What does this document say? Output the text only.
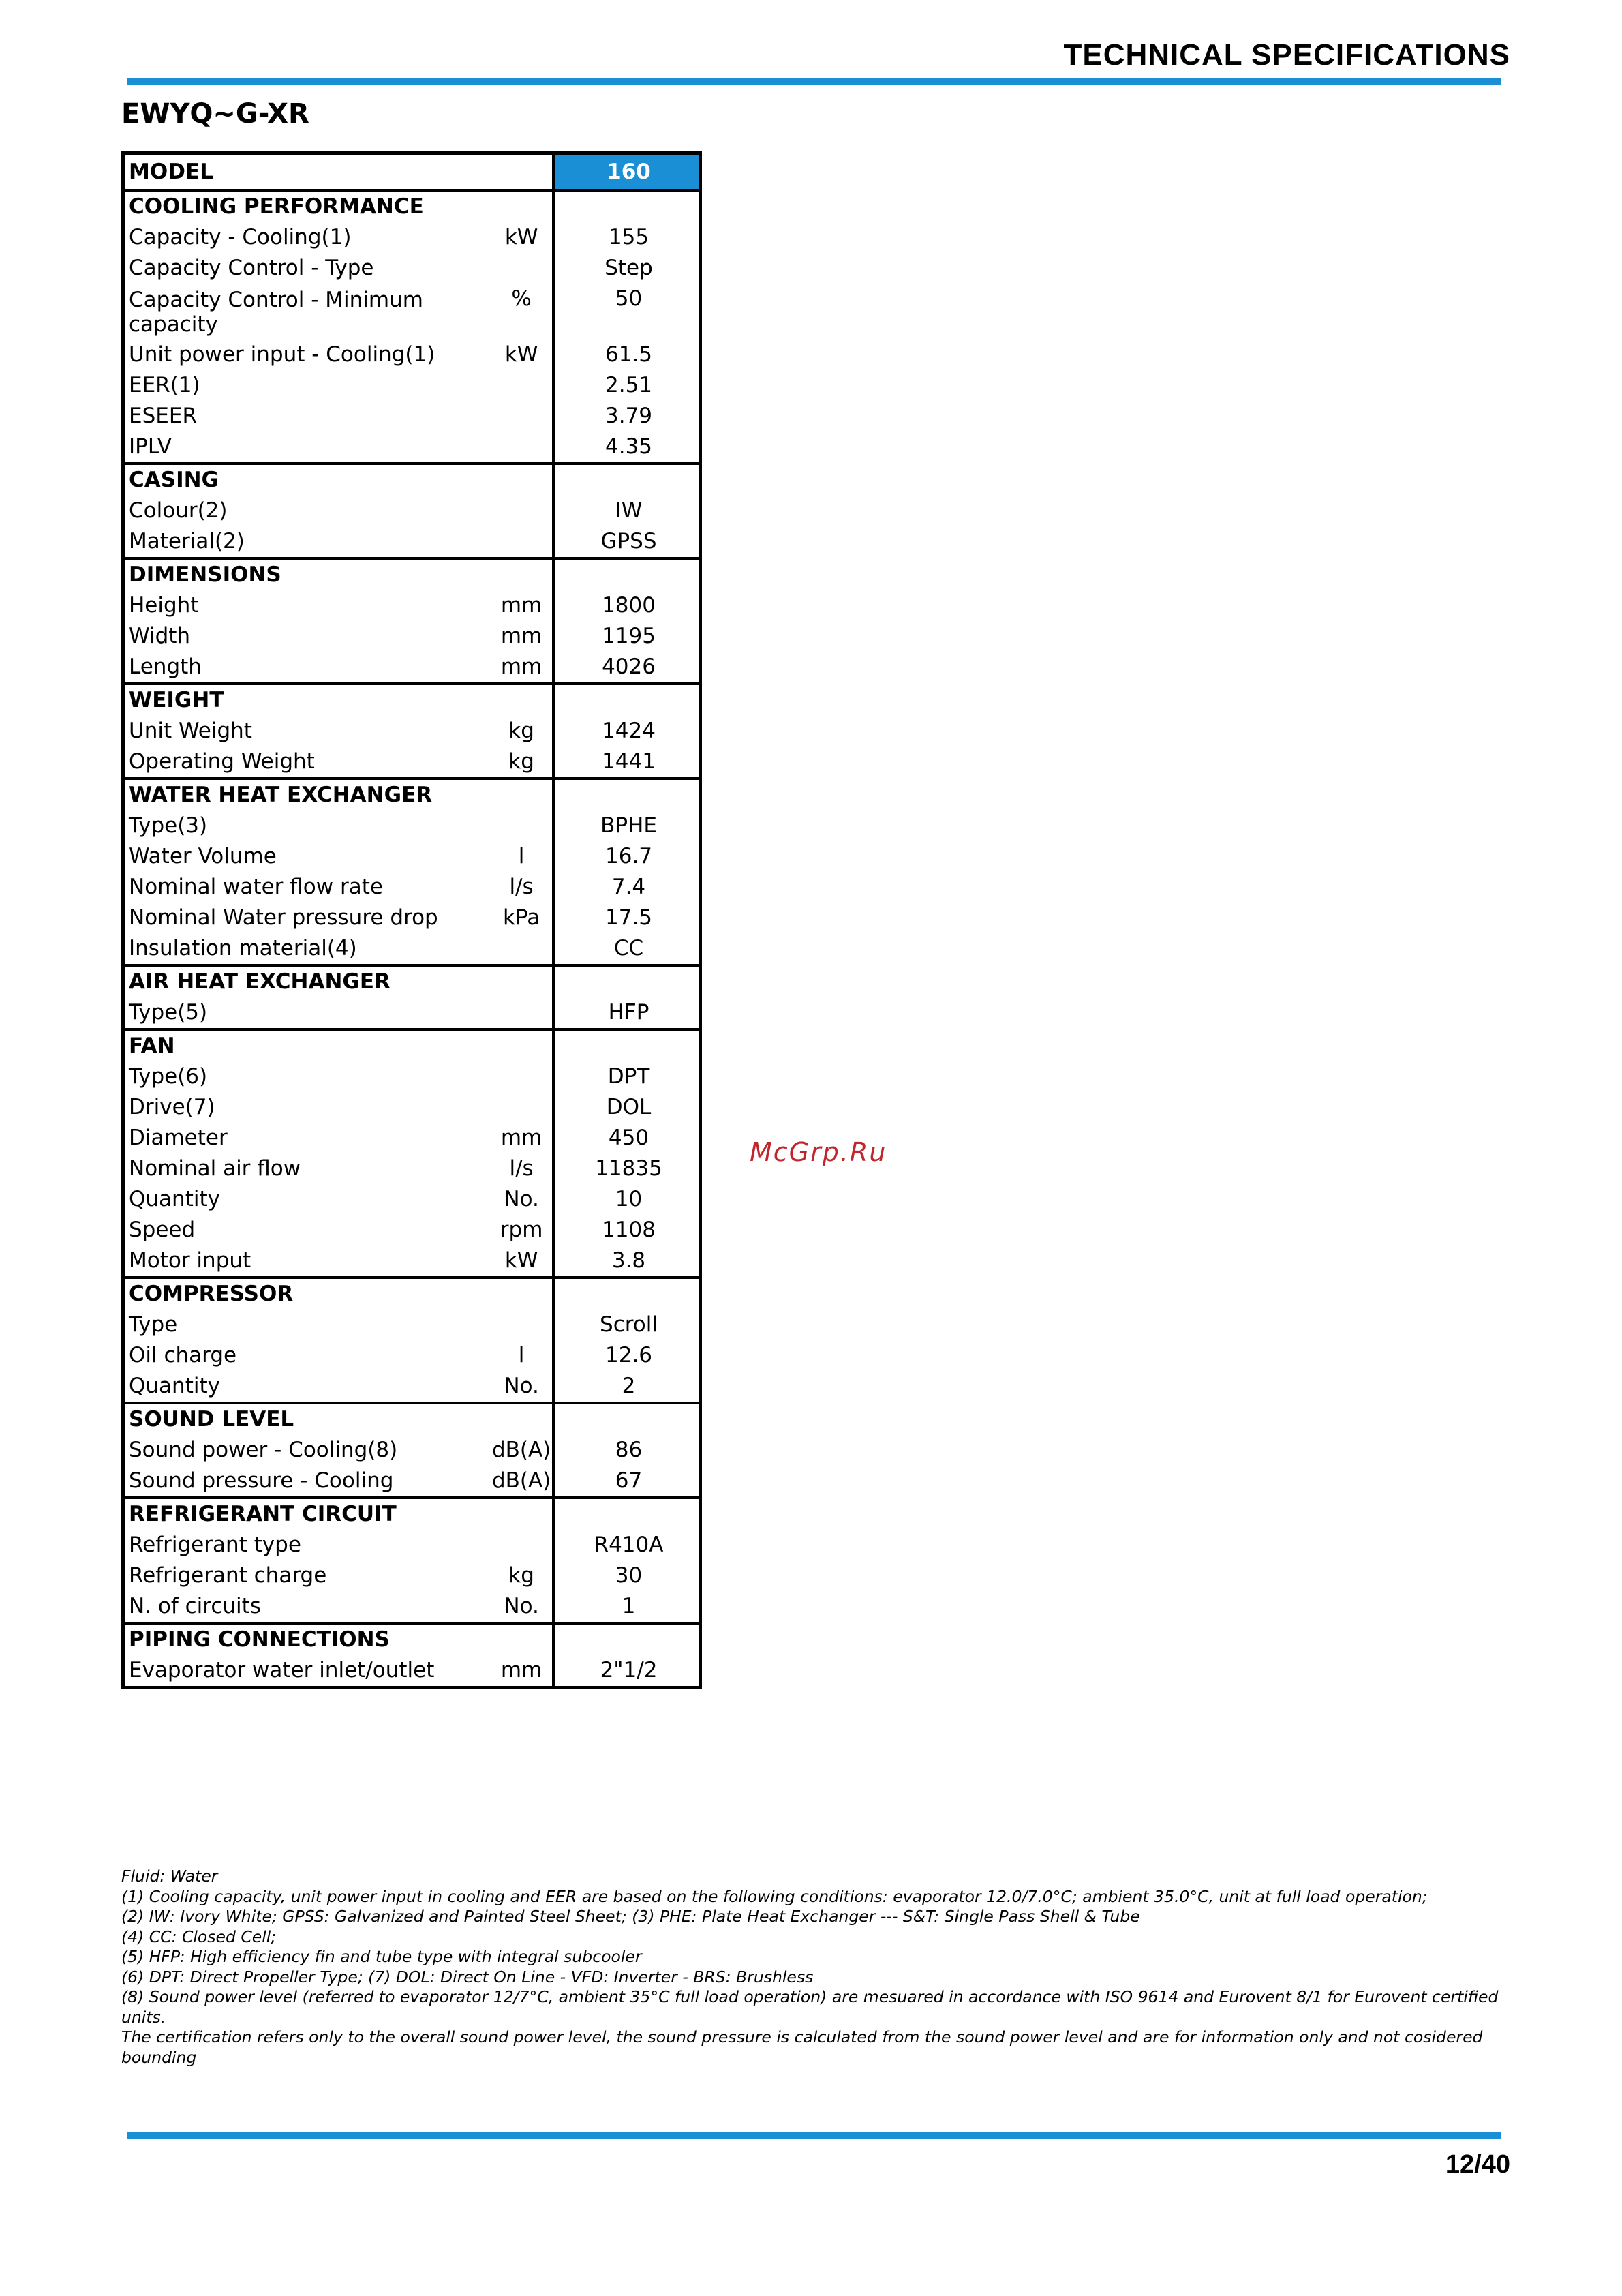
TECHNICAL SPECIFICATIONS
EWYQ~G-XR
MODEL		160
COOLING PERFORMANCE		
Capacity - Cooling(1)	kW	155
Capacity Control - Type		Step
Capacity Control - Minimum capacity	%	50
Unit power input - Cooling(1)	kW	61.5
EER(1)		2.51
ESEER		3.79
IPLV		4.35
CASING		
Colour(2)		IW
Material(2)		GPSS
DIMENSIONS		
Height	mm	1800
Width	mm	1195
Length	mm	4026
WEIGHT		
Unit Weight	kg	1424
Operating Weight	kg	1441
WATER HEAT EXCHANGER		
Type(3)		BPHE
Water Volume	l	16.7
Nominal water flow rate	l/s	7.4
Nominal Water pressure drop	kPa	17.5
Insulation material(4)		CC
AIR HEAT EXCHANGER		
Type(5)		HFP
FAN		
Type(6)		DPT
Drive(7)		DOL
Diameter	mm	450
Nominal air flow	l/s	11835
Quantity	No.	10
Speed	rpm	1108
Motor input	kW	3.8
COMPRESSOR		
Type		Scroll
Oil charge	l	12.6
Quantity	No.	2
SOUND LEVEL		
Sound power - Cooling(8)	dB(A)	86
Sound pressure - Cooling	dB(A)	67
REFRIGERANT CIRCUIT		
Refrigerant type		R410A
Refrigerant charge	kg	30
N. of circuits	No.	1
PIPING CONNECTIONS		
Evaporator water inlet/outlet	mm	2"1/2
McGrp.Ru
Fluid: Water
(1) Cooling capacity, unit power input in cooling and EER are based on the following conditions: evaporator 12.0/7.0°C; ambient 35.0°C, unit at full load operation;
(2) IW: Ivory White; GPSS: Galvanized and Painted Steel Sheet; (3) PHE: Plate Heat Exchanger --- S&T: Single Pass Shell & Tube
(4) CC: Closed Cell;
(5) HFP: High efficiency fin and tube type with integral subcooler
(6) DPT: Direct Propeller Type; (7) DOL: Direct On Line - VFD: Inverter - BRS: Brushless
(8) Sound power level (referred to evaporator 12/7°C, ambient 35°C full load operation) are mesuared in accordance with ISO 9614 and Eurovent 8/1 for Eurovent certified units.
The certification refers only to the overall sound power level, the sound pressure is calculated from the sound power level and are for information only and not cosidered bounding
12/40
